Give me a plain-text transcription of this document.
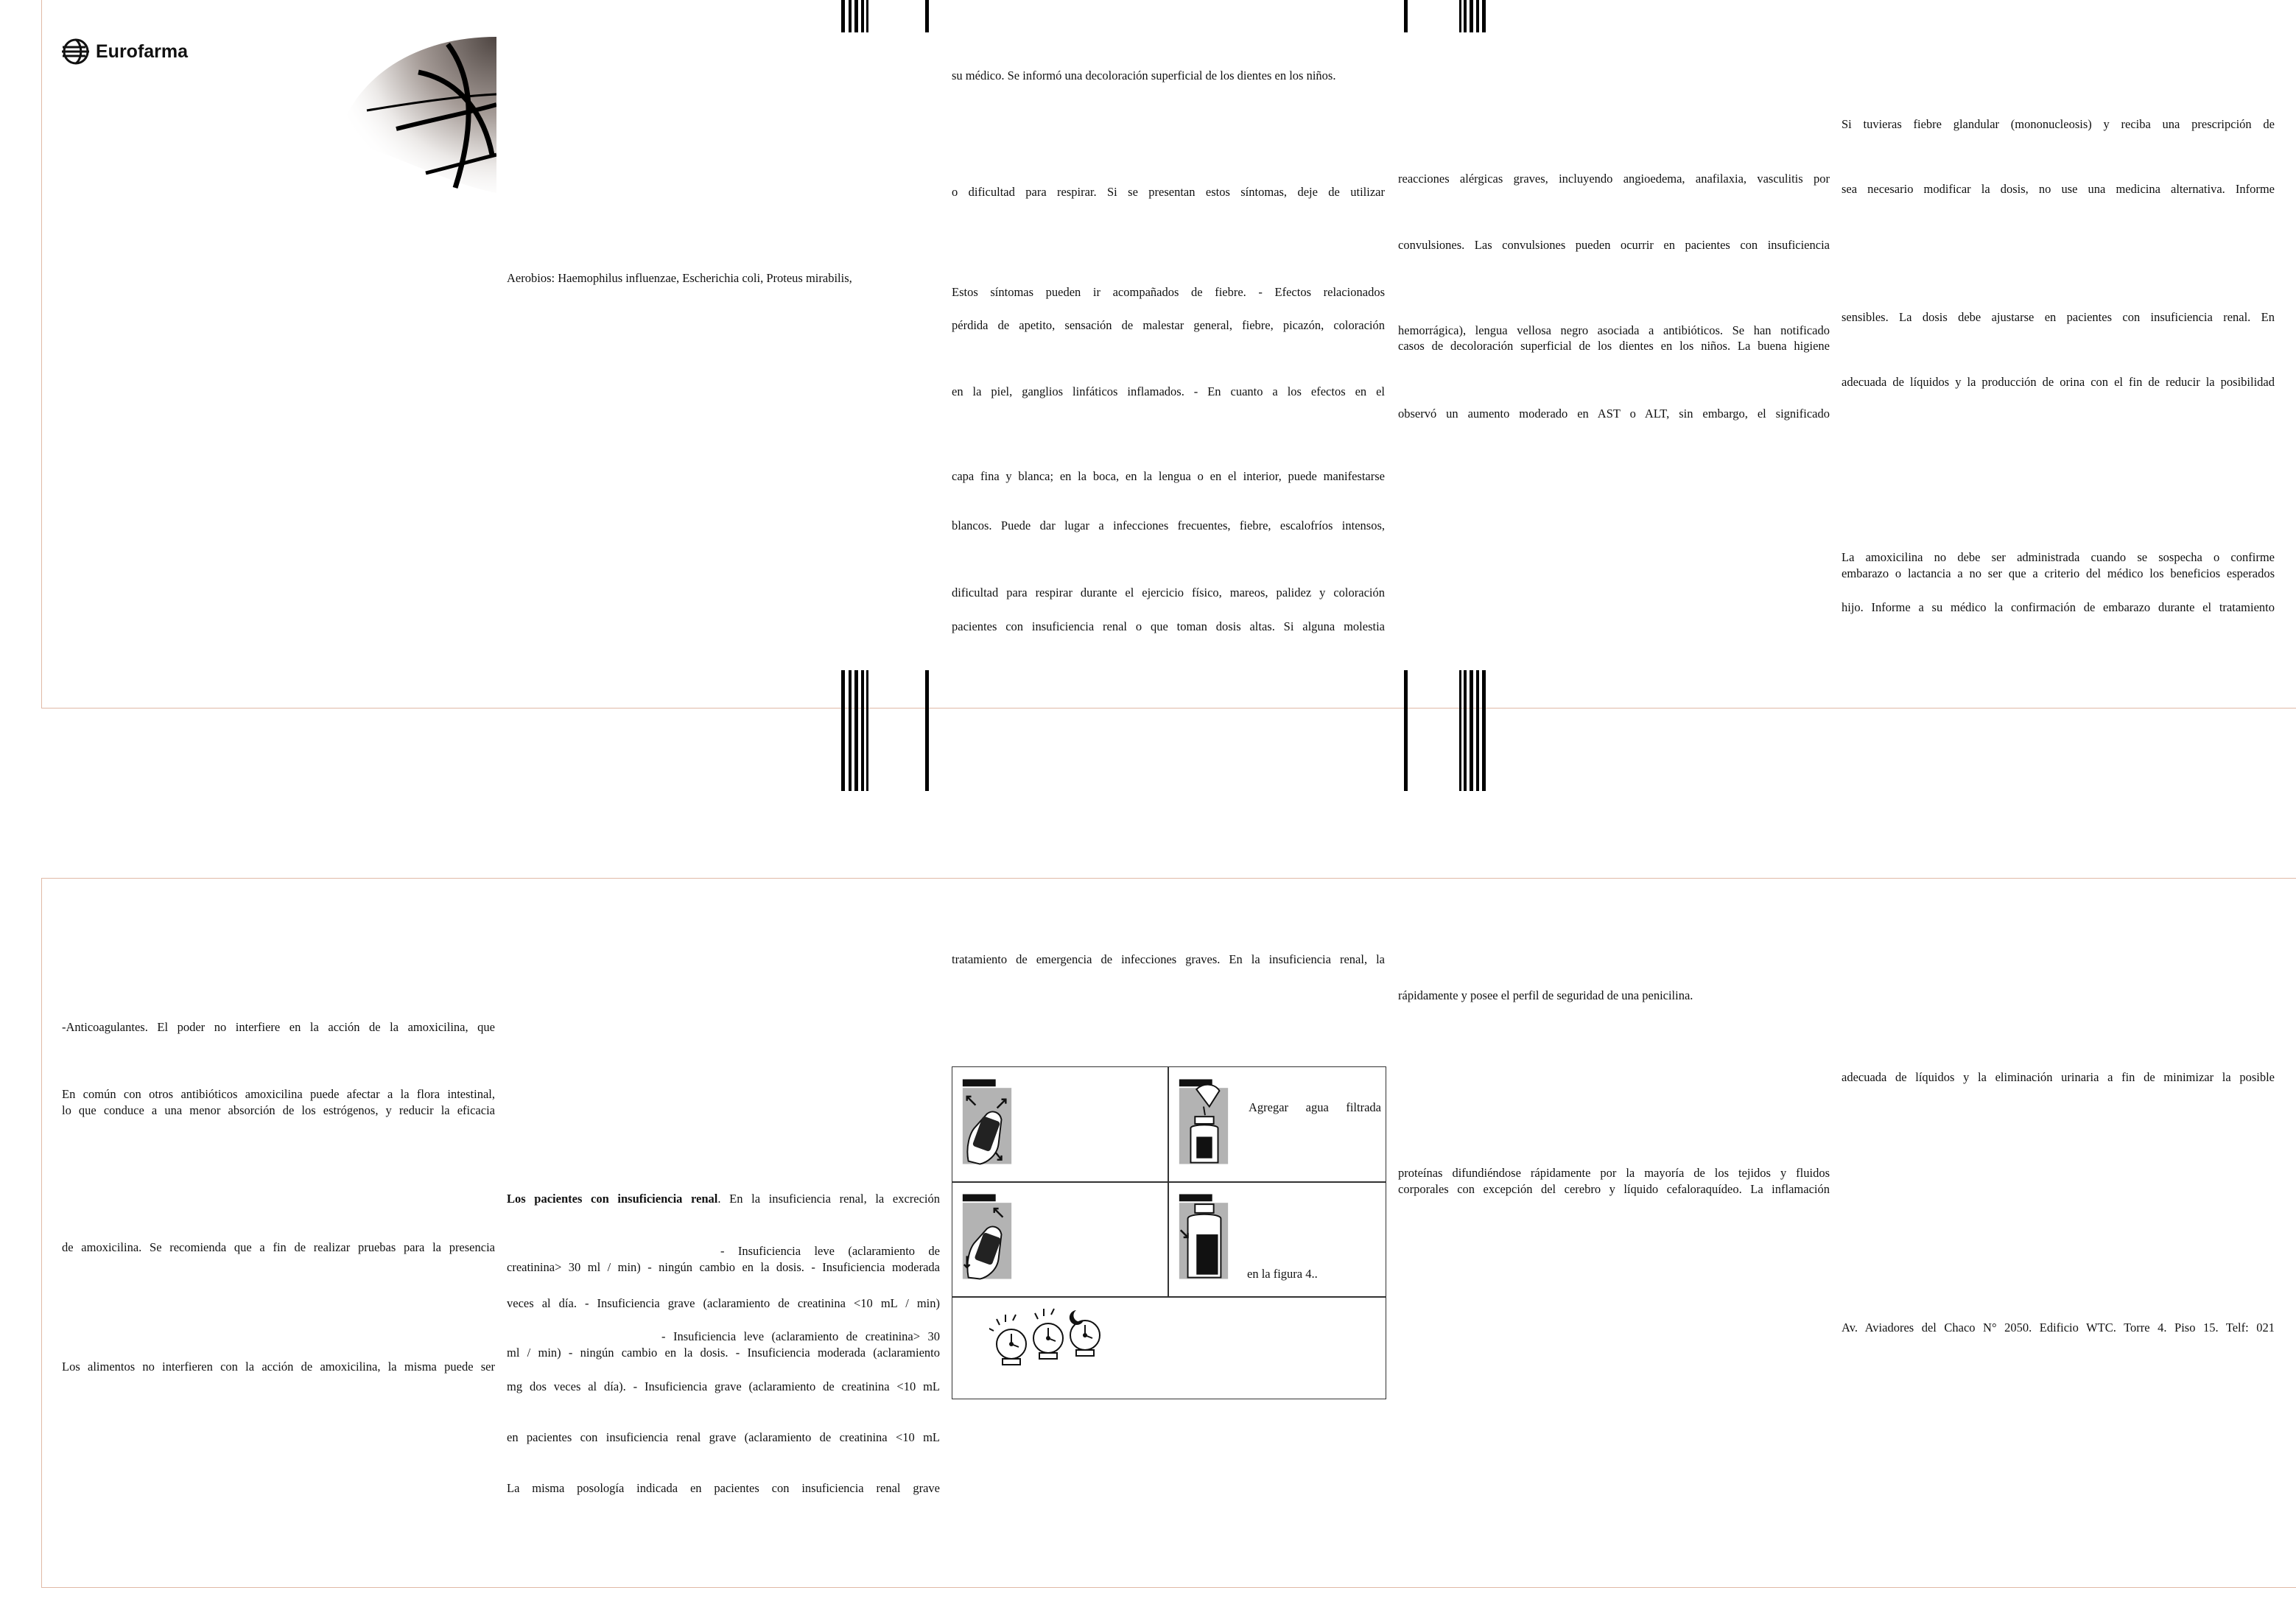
Eurofarma
Aerobios: Haemophilus influenzae, Escherichia coli, Proteus mirabilis,
su médico. Se informó una decoloración superficial de los dientes en los niños.
o dificultad para respirar. Si se presentan estos síntomas, deje de utilizar
Estos síntomas pueden ir acompañados de fiebre. - Efectos relacionados
pérdida de apetito, sensación de malestar general, fiebre, picazón, coloración
en la piel, ganglios linfáticos inflamados. - En cuanto a los efectos en el
capa fina y blanca; en la boca, en la lengua o en el interior, puede manifestarse
blancos. Puede dar lugar a infecciones frecuentes, fiebre, escalofríos intensos,
dificultad para respirar durante el ejercicio físico, mareos, palidez y coloración
pacientes con insuficiencia renal o que toman dosis altas. Si alguna molestia
reacciones alérgicas graves, incluyendo angioedema, anafilaxia, vasculitis por
convulsiones. Las convulsiones pueden ocurrir en pacientes con insuficiencia
hemorrágica), lengua vellosa negro asociada a antibióticos. Se han notificado
casos de decoloración superficial de los dientes en los niños. La buena higiene
observó un aumento moderado en AST o ALT, sin embargo, el significado
Si tuvieras fiebre glandular (mononucleosis) y reciba una prescripción de
sea necesario modificar la dosis, no use una medicina alternativa. Informe
sensibles. La dosis debe ajustarse en pacientes con insuficiencia renal. En
adecuada de líquidos y la producción de orina con el fin de reducir la posibilidad
La amoxicilina no debe ser administrada cuando se sospecha o confirme
embarazo o lactancia a no ser que a criterio del médico los beneficios esperados
hijo. Informe a su médico la confirmación de embarazo durante el tratamiento
-Anticoagulantes. El poder no interfiere en la acción de la amoxicilina, que
En común con otros antibióticos amoxicilina puede afectar a la flora intestinal,
lo que conduce a una menor absorción de los estrógenos, y reducir la eficacia
de amoxicilina. Se recomienda que a fin de realizar pruebas para la presencia
Los alimentos no interfieren con la acción de amoxicilina, la misma puede ser
Los pacientes con insuficiencia renal. En la insuficiencia renal, la excreción
- Insuficiencia leve (aclaramiento de
creatinina> 30 ml / min) - ningún cambio en la dosis. - Insuficiencia moderada
veces al día. - Insuficiencia grave (aclaramiento de creatinina <10 mL / min)
- Insuficiencia leve (aclaramiento de creatinina> 30
ml / min) - ningún cambio en la dosis. - Insuficiencia moderada (aclaramiento
mg dos veces al día). - Insuficiencia grave (aclaramiento de creatinina <10 mL
en pacientes con insuficiencia renal grave (aclaramiento de creatinina <10 mL
La misma posología indicada en pacientes con insuficiencia renal grave
tratamiento de emergencia de infecciones graves. En la insuficiencia renal, la
Agregar agua filtrada
en la figura 4..
rápidamente y posee el perfil de seguridad de una penicilina.
proteínas difundiéndose rápidamente por la mayoría de los tejidos y fluidos
corporales con excepción del cerebro y líquido cefaloraquídeo. La inflamación
adecuada de líquidos y la eliminación urinaria a fin de minimizar la posible
Av. Aviadores del Chaco N° 2050. Edificio WTC. Torre 4. Piso 15. Telf: 021
